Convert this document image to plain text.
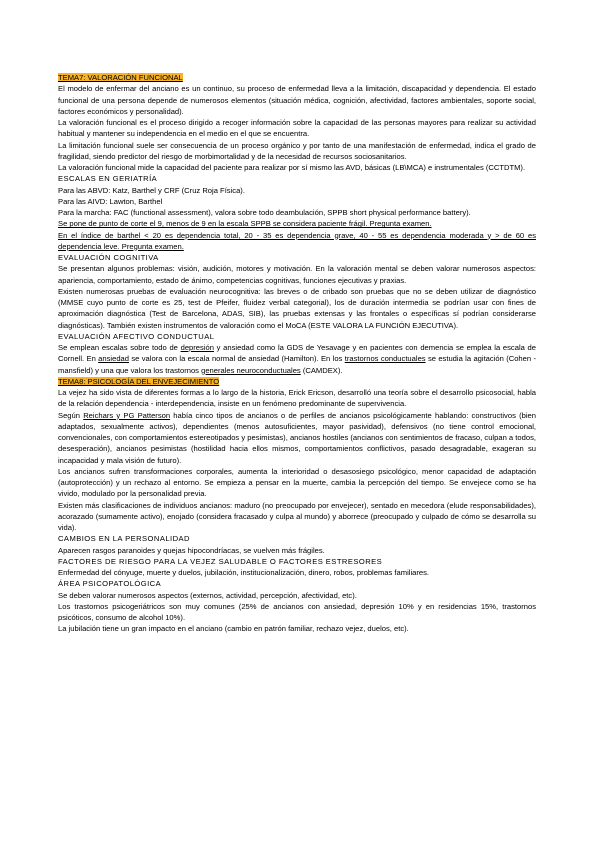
TEMA7: VALORACIÓN FUNCIONAL

El modelo de enfermar del anciano es un continuo, su proceso de enfermedad lleva a la limitación, discapacidad y dependencia. El estado funcional de una persona depende de numerosos elementos (situación médica, cognición, afectividad, factores ambientales, soporte social, factores económicos y personalidad).

La valoración funcional es el proceso dirigido a recoger información sobre la capacidad de las personas mayores para realizar su actividad habitual y mantener su independencia en el medio en el que se encuentra.

La limitación funcional suele ser consecuencia de un proceso orgánico y por tanto de una manifestación de enfermedad, indica el grado de fragilidad, siendo predictor del riesgo de morbimortalidad y de la necesidad de recursos sociosanitarios.

La valoración funcional mide la capacidad del paciente para realizar por sí mismo las AVD, básicas (LB\MCA) e instrumentales (CCTDTM).

ESCALAS EN GERIATRÍA

Para las ABVD: Katz, Barthel y CRF (Cruz Roja Física).

Para las AIVD: Lawton, Barthel

Para la marcha: FAC (functional assessment), valora sobre todo deambulación, SPPB short physical performance battery).

Se pone de punto de corte el 9, menos de 9 en la escala SPPB se considera paciente frágil. Pregunta examen.

En el índice de barthel < 20 es dependencia total, 20 - 35 es dependencia grave, 40 - 55 es dependencia moderada y > de 60 es dependencia leve. Pregunta examen.

EVALUACIÓN COGNITIVA

Se presentan algunos problemas: visión, audición, motores y motivación. En la valoración mental se deben valorar numerosos aspectos: apariencia, comportamiento, estado de ánimo, competencias cognitivas, funciones ejecutivas y praxias.

Existen numerosas pruebas de evaluación neurocognitiva: las breves o de cribado son pruebas que no se deben utilizar de diagnóstico (MMSE cuyo punto de corte es 25, test de Pfeifer, fluidez verbal categorial), los de duración intermedia se podrían usar con fines de aproximación diagnóstica (Test de Barcelona, ADAS, SIB), las pruebas extensas y las frontales o específicas sí podrían considerarse diagnósticas). También existen instrumentos de valoración como el MoCA (ESTE VALORA LA FUNCIÓN EJECUTIVA).

EVALUACIÓN AFECTIVO CONDUCTUAL

Se emplean escalas sobre todo de depresión y ansiedad como la GDS de Yesavage y en pacientes con demencia se emplea la escala de Cornell. En ansiedad se valora con la escala normal de ansiedad (Hamilton). En los trastornos conductuales se estudia la agitación (Cohen -mansfield) y una que valora los trastornos generales neuroconductuales (CAMDEX).

TEMA8: PSICOLOGÍA DEL ENVEJECIMIENTO

La vejez ha sido vista de diferentes formas a lo largo de la historia, Erick Ericson, desarrolló una teoría sobre el desarrollo psicosocial, habla de la relación dependencia - interdependencia, insiste en un fenómeno predominante de supervivencia.

Según Reichars y PG Patterson había cinco tipos de ancianos o de perfiles de ancianos psicológicamente hablando: constructivos (bien adaptados, sexualmente activos), dependientes (menos autosuficientes, mayor pasividad), defensivos (no tiene control emocional, convencionales, con comportamientos estereotipados y pesimistas), ancianos hostiles (ancianos con sentimientos de fracaso, culpan a todos, desesperación), ancianos pesimistas (hostilidad hacia ellos mismos, comportamientos conflictivos, pasado desagradable, exageran su incapacidad y mala visión de futuro).

Los ancianos sufren transformaciones corporales, aumenta la interioridad o desasosiego psicológico, menor capacidad de adaptación (autoprotección) y un rechazo al entorno. Se empieza a pensar en la muerte, cambia la percepción del tiempo. Se envejece como se ha vivido, modulado por la personalidad previa.

Existen más clasificaciones de individuos ancianos: maduro (no preocupado por envejecer), sentado en mecedora (elude responsabilidades), acorazado (sumamente activo), enojado (considera fracasado y culpa al mundo) y aborrece (preocupado y culpado de cómo se desarrolla su vida).

CAMBIOS EN LA PERSONALIDAD

Aparecen rasgos paranoides y quejas hipocondríacas, se vuelven más frágiles.

FACTORES DE RIESGO PARA LA VEJEZ SALUDABLE O FACTORES ESTRESORES

Enfermedad del cónyuge, muerte y duelos, jubilación, institucionalización, dinero, robos, problemas familiares.

ÁREA PSICOPATOLÓGICA

Se deben valorar numerosos aspectos (externos, actividad, percepción, afectividad, etc).

Los trastornos psicogeriátricos son muy comunes (25% de ancianos con ansiedad, depresión 10% y en residencias 15%, trastornos psicóticos, consumo de alcohol 10%).

La jubilación tiene un gran impacto en el anciano (cambio en patrón familiar, rechazo vejez, duelos, etc).
